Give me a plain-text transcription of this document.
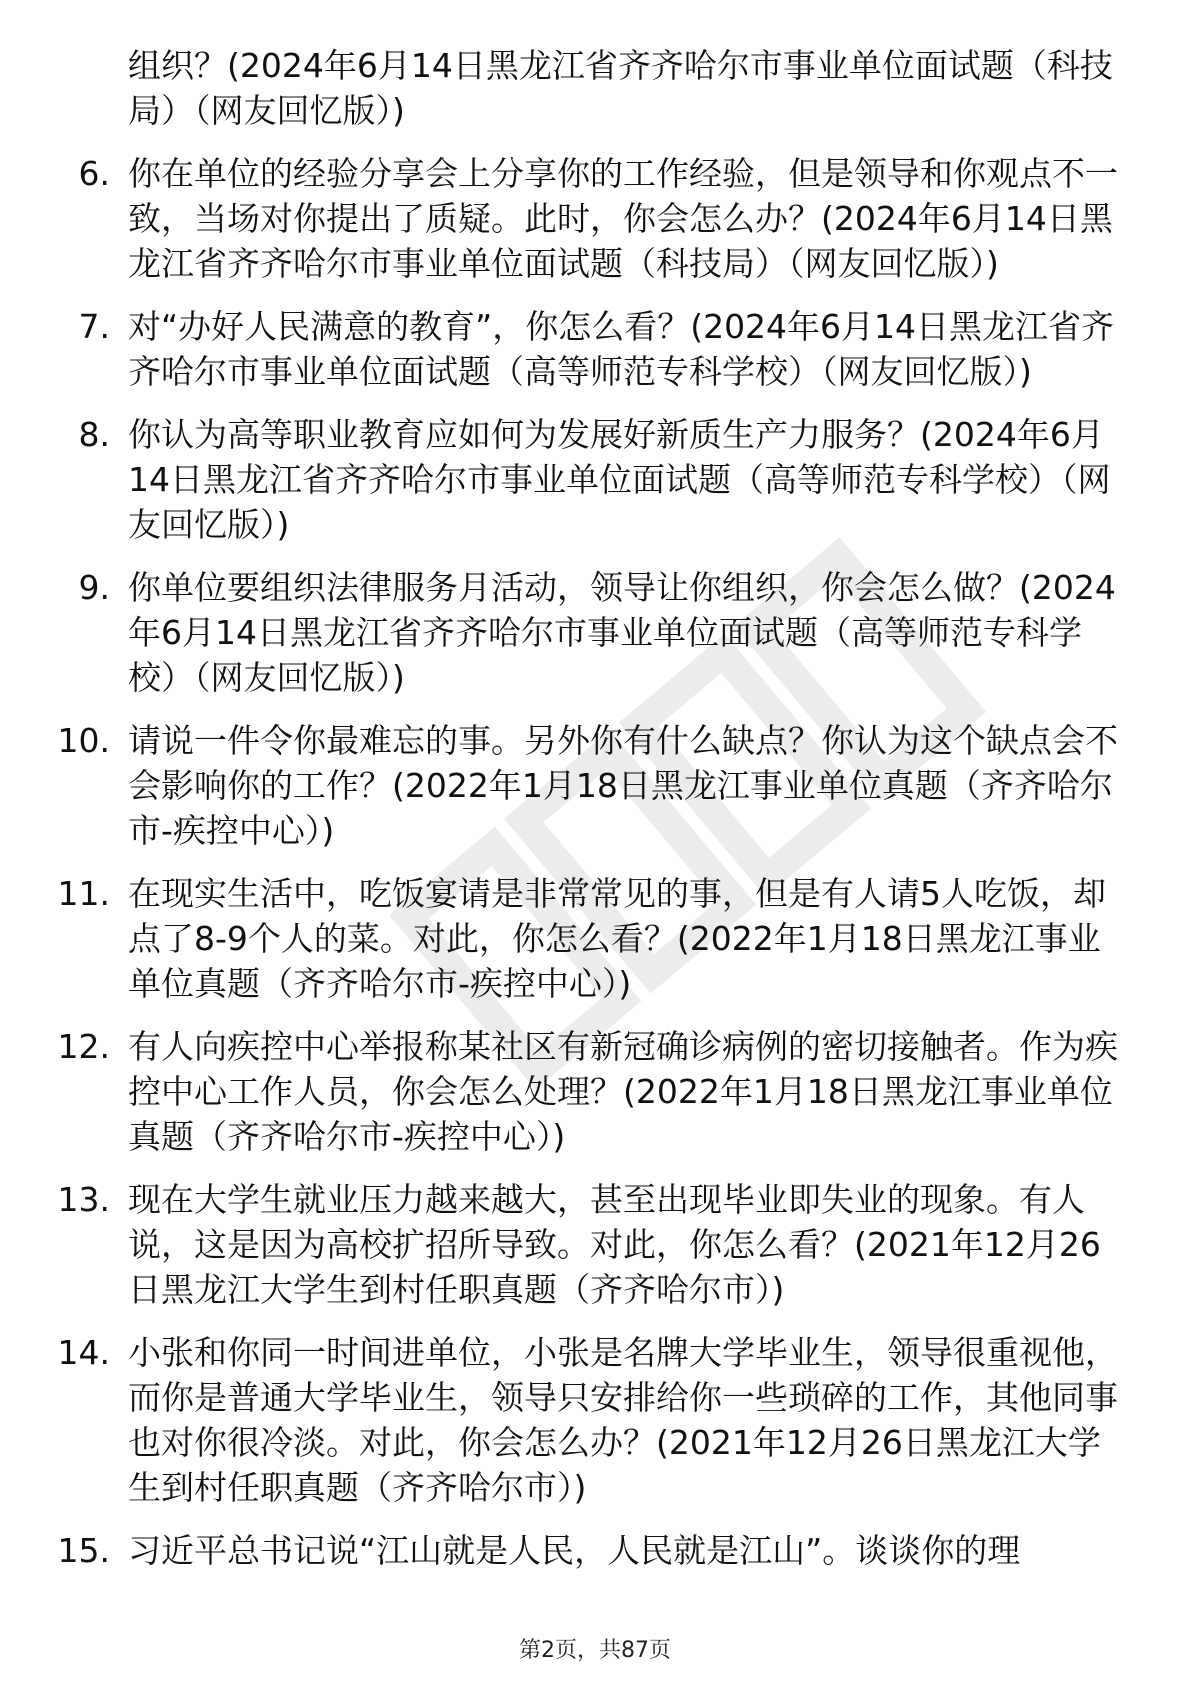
组织？(2024年6月14日黑龙江省齐齐哈尔市事业单位面试题（科技局）（网友回忆版）)
6. 你在单位的经验分享会上分享你的工作经验，但是领导和你观点不一致，当场对你提出了质疑。此时，你会怎么办？(2024年6月14日黑龙江省齐齐哈尔市事业单位面试题（科技局）（网友回忆版）)
7. 对“办好人民满意的教育”，你怎么看？(2024年6月14日黑龙江省齐齐哈尔市事业单位面试题（高等师范专科学校）（网友回忆版）)
8. 你认为高等职业教育应如何为发展好新质生产力服务？(2024年6月14日黑龙江省齐齐哈尔市事业单位面试题（高等师范专科学校）（网友回忆版）)
9. 你单位要组织法律服务月活动，领导让你组织，你会怎么做？(2024年6月14日黑龙江省齐齐哈尔市事业单位面试题（高等师范专科学校）（网友回忆版）)
10. 请说一件令你最难忘的事。另外你有什么缺点？你认为这个缺点会不会影响你的工作？(2022年1月18日黑龙江事业单位真题（齐齐哈尔市-疾控中心）)
11. 在现实生活中，吃饭宴请是非常常见的事，但是有人请5人吃饭，却点了8-9个人的菜。对此，你怎么看？(2022年1月18日黑龙江事业单位真题（齐齐哈尔市-疾控中心）)
12. 有人向疾控中心举报称某社区有新冠确诊病例的密切接触者。作为疾控中心工作人员，你会怎么处理？(2022年1月18日黑龙江事业单位真题（齐齐哈尔市-疾控中心）)
13. 现在大学生就业压力越来越大，甚至出现毕业即失业的现象。有人说，这是因为高校扩招所导致。对此，你怎么看？(2021年12月26日黑龙江大学生到村任职真题（齐齐哈尔市）)
14. 小张和你同一时间进单位，小张是名牌大学毕业生，领导很重视他，而你是普通大学毕业生，领导只安排给你一些琐碎的工作，其他同事也对你很冷淡。对此，你会怎么办？(2021年12月26日黑龙江大学生到村任职真题（齐齐哈尔市）)
15. 习近平总书记说“江山就是人民，人民就是江山”。谈谈你的理
第2页，共87页
